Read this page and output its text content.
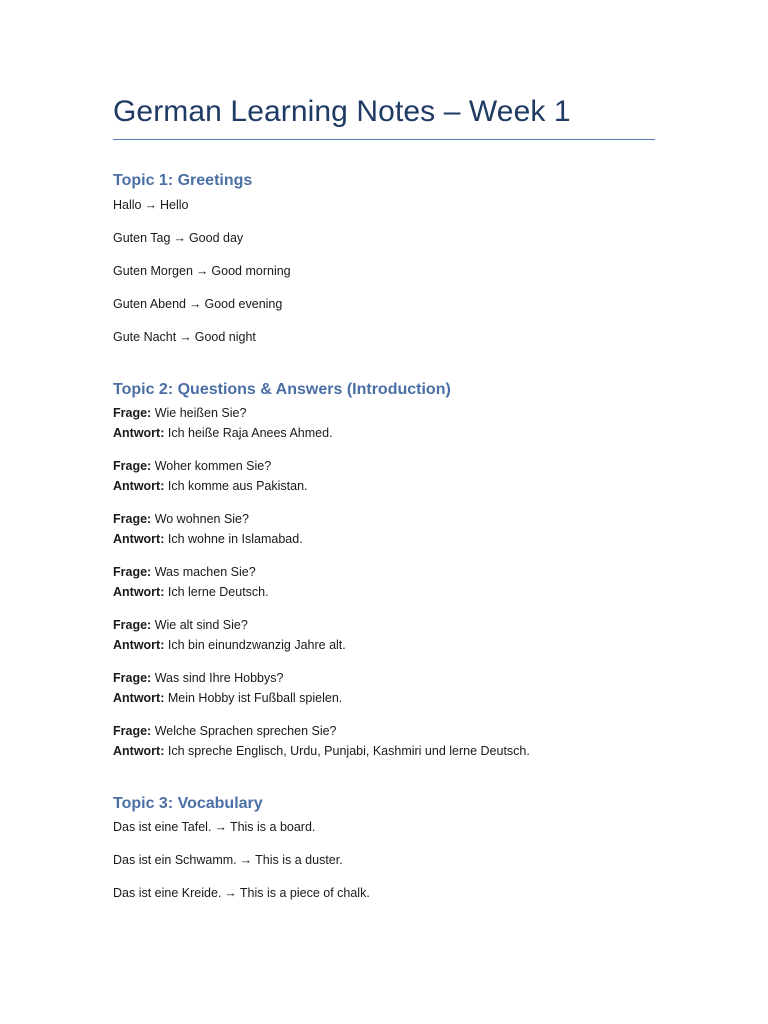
German Learning Notes – Week 1
Topic 1: Greetings
Hallo → Hello
Guten Tag → Good day
Guten Morgen → Good morning
Guten Abend → Good evening
Gute Nacht → Good night
Topic 2: Questions & Answers (Introduction)
Frage: Wie heißen Sie?
Antwort: Ich heiße Raja Anees Ahmed.
Frage: Woher kommen Sie?
Antwort: Ich komme aus Pakistan.
Frage: Wo wohnen Sie?
Antwort: Ich wohne in Islamabad.
Frage: Was machen Sie?
Antwort: Ich lerne Deutsch.
Frage: Wie alt sind Sie?
Antwort: Ich bin einundzwanzig Jahre alt.
Frage: Was sind Ihre Hobbys?
Antwort: Mein Hobby ist Fußball spielen.
Frage: Welche Sprachen sprechen Sie?
Antwort: Ich spreche Englisch, Urdu, Punjabi, Kashmiri und lerne Deutsch.
Topic 3: Vocabulary
Das ist eine Tafel. → This is a board.
Das ist ein Schwamm. → This is a duster.
Das ist eine Kreide. → This is a piece of chalk.
